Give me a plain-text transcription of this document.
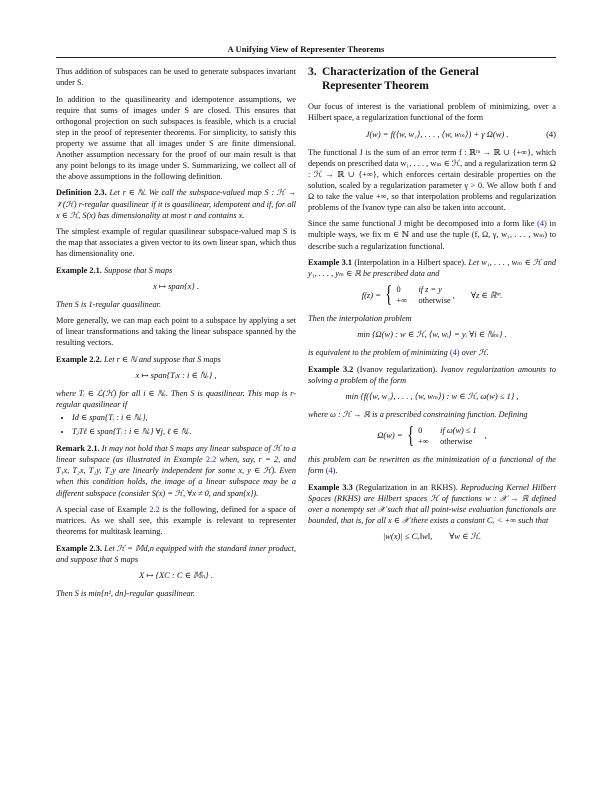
A Unifying View of Representer Theorems

Thus addition of subspaces can be used to generate subspaces invariant under S.

In addition to the quasilinearity and idempotence assumptions, we require that sums of images under S are closed. This ensures that orthogonal projection on such subspaces is feasible, which is a crucial step in the proof of representer theorems. For simplicity, to satisfy this property we assume that all images under S are finite dimensional. Another assumption necessary for the proof of our main result is that any point belongs to its image under S. Summarizing, we collect all of the above assumptions in the following definition.

Definition 2.3. Let r ∈ ℕ. We call the subspace-valued map S : ℋ → 𝒱(ℋ) r-regular quasilinear if it is quasilinear, idempotent and if, for all x ∈ ℋ, S(x) has dimensionality at most r and contains x.

The simplest example of regular quasilinear subspace-valued map S is the map that associates a given vector to its own linear span, which thus has dimensionality one.

Example 2.1. Suppose that S maps

x ↦ span{x} .

Then S is 1-regular quasilinear.

More generally, we can map each point to a subspace by applying a set of linear transformations and taking the linear subspace spanned by the resulting vectors.

Example 2.2. Let r ∈ ℕ and suppose that S maps

x ↦ span{Tᵢx : i ∈ ℕᵣ} ,

where Tᵢ ∈ ℒ(ℋ) for all i ∈ ℕᵣ. Then S is quasilinear. This map is r-regular quasilinear if

• Id ∈ span{Tᵢ : i ∈ ℕᵣ},
• TⱼTℓ ∈ span{Tᵢ : i ∈ ℕᵣ} ∀j, ℓ ∈ ℕᵣ.

Remark 2.1. It may not hold that S maps any linear subspace of ℋ to a linear subspace (as illustrated in Example 2.2 when, say, r = 2, and T₁x, T₂x, T₁y, T₂y are linearly independent for some x, y ∈ ℋ). Even when this condition holds, the image of a linear subspace may be a different subspace (consider S(x) = ℋ, ∀x ≠ 0, and span{x}).

A special case of Example 2.2 is the following, defined for a space of matrices. As we shall see, this example is relevant to representer theorems for multitask learning.

Example 2.3. Let ℋ = 𝕄d,n equipped with the standard inner product, and suppose that S maps

X ↦ {XC : C ∈ 𝕄ₙ} .

Then S is min{n², dn}-regular quasilinear.

3. Characterization of the General
Representer Theorem

Our focus of interest is the variational problem of minimizing, over a Hilbert space, a regularization functional of the form

J(w) = f(⟨w, w₁⟩, . . . , ⟨w, wₘ⟩) + γ Ω(w) .	(4)

The functional J is the sum of an error term f : ℝᵐ → ℝ ∪ {+∞}, which depends on prescribed data w₁, . . . , wₘ ∈ ℋ, and a regularization term Ω : ℋ → ℝ ∪ {+∞}, which enforces certain desirable properties on the solution, scaled by a regularization parameter γ > 0. We allow both f and Ω to take the value +∞, so that interpolation problems and regularization problems of the Ivanov type can also be taken into account.

Since the same functional J might be decomposed into a form like (4) in multiple ways, we fix m ∈ ℕ and use the tuple (f, Ω, γ, w₁, . . . , wₘ) to describe such a regularization functional.

Example 3.1 (Interpolation in a Hilbert space). Let w₁, . . . , wₘ ∈ ℋ and y₁, . . . , yₘ ∈ ℝ be prescribed data and

f(z) = { 0 if z = y
+∞ otherwise
, ∀z ∈ ℝᵐ.

Then the interpolation problem

min {Ω(w) : w ∈ ℋ, ⟨w, wᵢ⟩ = yᵢ ∀i ∈ ℕₘ} .

is equivalent to the problem of minimizing (4) over ℋ.

Example 3.2 (Ivanov regularization). Ivanov regularization amounts to solving a problem of the form

min {f(⟨w, w₁⟩, . . . , ⟨w, wₘ⟩) : w ∈ ℋ, ω(w) ≤ 1} ,

where ω : ℋ → ℝ is a prescribed constraining function. Defining

Ω(w) = { 0 if ω(w) ≤ 1
+∞ otherwise
,

this problem can be rewritten as the minimization of a functional of the form (4).

Example 3.3 (Regularization in an RKHS). Reproducing Kernel Hilbert Spaces (RKHS) are Hilbert spaces ℋ of functions w : 𝒳 → ℝ defined over a nonempty set 𝒳 such that all point-wise evaluation functionals are bounded, that is, for all x ∈ 𝒳 there exists a constant Cₓ < +∞ such that

|w(x)| ≤ Cₓ‖w‖,        ∀w ∈ ℋ.
